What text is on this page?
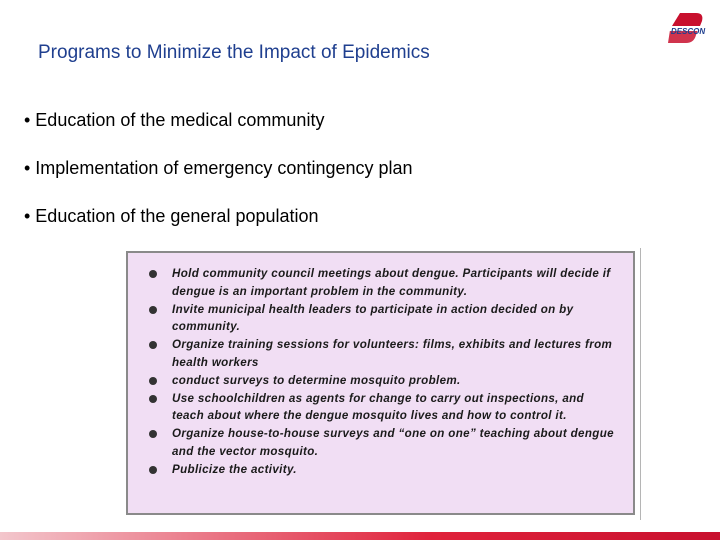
Programs to Minimize the Impact of Epidemics
DESCON

• Education of the medical community

• Implementation of emergency contingency plan

• Education of the general population

Hold community council meetings about dengue. Participants will decide if dengue is an important problem in the community.
Invite municipal health leaders to participate in action decided on by community.
Organize training sessions for volunteers: films, exhibits and lectures from health workers
conduct surveys to determine mosquito problem.
Use schoolchildren as agents for change to carry out inspections, and teach about where the dengue mosquito lives and how to control it.
Organize house-to-house surveys and “one on one” teaching about dengue and the vector mosquito.
Publicize the activity.
